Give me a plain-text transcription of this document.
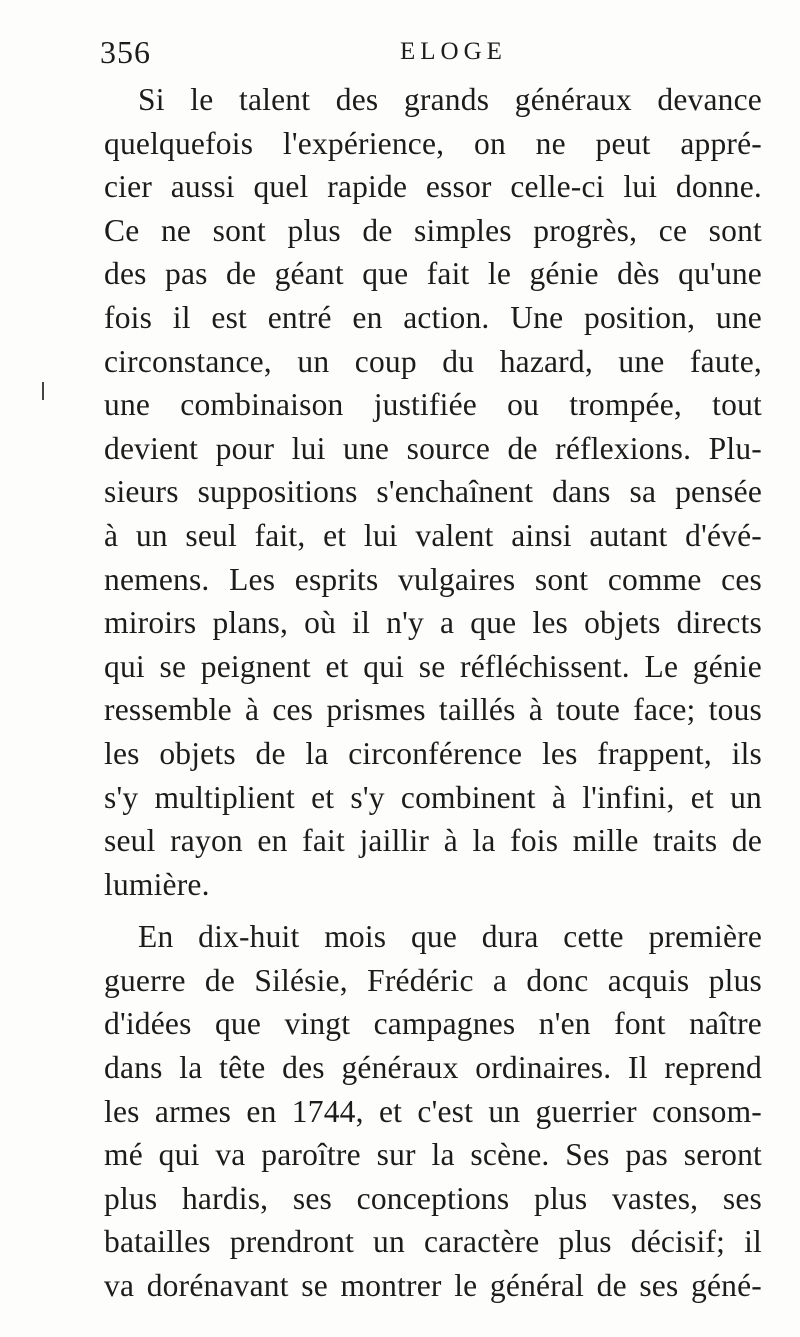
356	ELOGE
Si le talent des grands généraux devance
quelquefois l'expérience, on ne peut appré-
cier aussi quel rapide essor celle-ci lui donne.
Ce ne sont plus de simples progrès, ce sont
des pas de géant que fait le génie dès qu'une
fois il est entré en action. Une position, une
circonstance, un coup du hazard, une faute,
une combinaison justifiée ou trompée, tout
devient pour lui une source de réflexions. Plu-
sieurs suppositions s'enchaînent dans sa pensée
à un seul fait, et lui valent ainsi autant d'évé-
nemens. Les esprits vulgaires sont comme ces
miroirs plans, où il n'y a que les objets directs
qui se peignent et qui se réfléchissent. Le génie
ressemble à ces prismes taillés à toute face; tous
les objets de la circonférence les frappent, ils
s'y multiplient et s'y combinent à l'infini, et un
seul rayon en fait jaillir à la fois mille traits de
lumière.
En dix-huit mois que dura cette première
guerre de Silésie, Frédéric a donc acquis plus
d'idées que vingt campagnes n'en font naître
dans la tête des généraux ordinaires. Il reprend
les armes en 1744, et c'est un guerrier consom-
mé qui va paroître sur la scène. Ses pas seront
plus hardis, ses conceptions plus vastes, ses
batailles prendront un caractère plus décisif; il
va dorénavant se montrer le général de ses géné-
